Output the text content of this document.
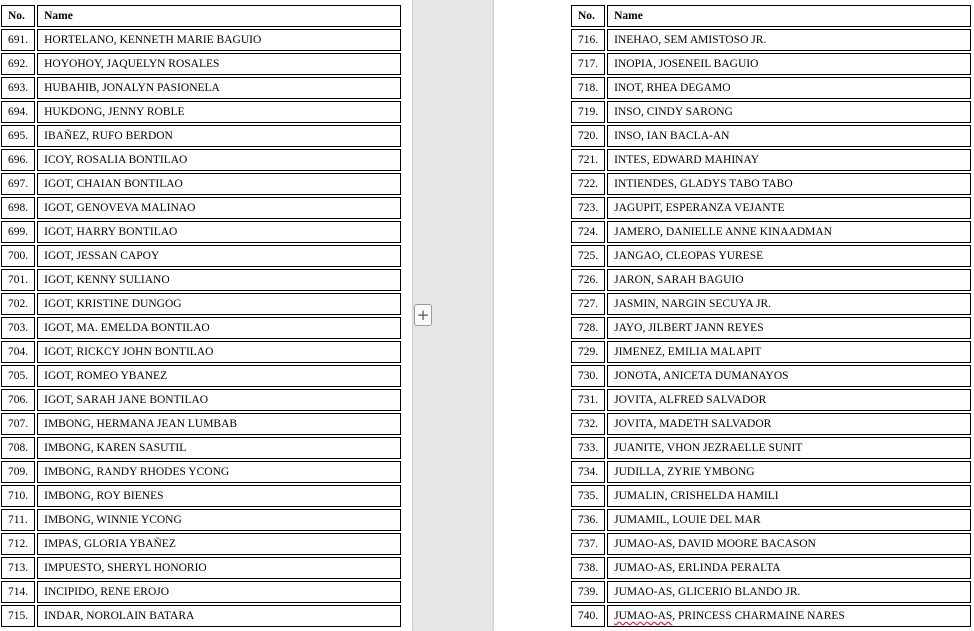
No.	Name
691.	HORTELANO, KENNETH MARIE BAGUIO
692.	HOYOHOY, JAQUELYN ROSALES
693.	HUBAHIB, JONALYN PASIONELA
694.	HUKDONG, JENNY ROBLE
695.	IBAÑEZ, RUFO BERDON
696.	ICOY, ROSALIA BONTILAO
697.	IGOT, CHAIAN BONTILAO
698.	IGOT, GENOVEVA MALINAO
699.	IGOT, HARRY BONTILAO
700.	IGOT, JESSAN CAPOY
701.	IGOT, KENNY SULIANO
702.	IGOT, KRISTINE DUNGOG
703.	IGOT, MA. EMELDA BONTILAO
704.	IGOT, RICKCY JOHN BONTILAO
705.	IGOT, ROMEO YBANEZ
706.	IGOT, SARAH JANE BONTILAO
707.	IMBONG, HERMANA JEAN LUMBAB
708.	IMBONG, KAREN SASUTIL
709.	IMBONG, RANDY RHODES YCONG
710.	IMBONG, ROY BIENES
711.	IMBONG, WINNIE YCONG
712.	IMPAS, GLORIA YBAÑEZ
713.	IMPUESTO, SHERYL HONORIO
714.	INCIPIDO, RENE EROJO
715.	INDAR, NOROLAIN BATARA
+
No.	Name
716.	INEHAO, SEM AMISTOSO JR.
717.	INOPIA, JOSENEIL BAGUIO
718.	INOT, RHEA DEGAMO
719.	INSO, CINDY SARONG
720.	INSO, IAN BACLA-AN
721.	INTES, EDWARD MAHINAY
722.	INTIENDES, GLADYS TABO TABO
723.	JAGUPIT, ESPERANZA VEJANTE
724.	JAMERO, DANIELLE ANNE KINAADMAN
725.	JANGAO, CLEOPAS YURESE
726.	JARON, SARAH BAGUIO
727.	JASMIN, NARGIN SECUYA JR.
728.	JAYO, JILBERT JANN REYES
729.	JIMENEZ, EMILIA MALAPIT
730.	JONOTA, ANICETA DUMANAYOS
731.	JOVITA, ALFRED SALVADOR
732.	JOVITA, MADETH SALVADOR
733.	JUANITE, VHON JEZRAELLE SUNIT
734.	JUDILLA, ZYRIE YMBONG
735.	JUMALIN, CRISHELDA HAMILI
736.	JUMAMIL, LOUIE DEL MAR
737.	JUMAO-AS, DAVID MOORE BACASON
738.	JUMAO-AS, ERLINDA PERALTA
739.	JUMAO-AS, GLICERIO BLANDO JR.
740.	JUMAO-AS, PRINCESS CHARMAINE NARES
